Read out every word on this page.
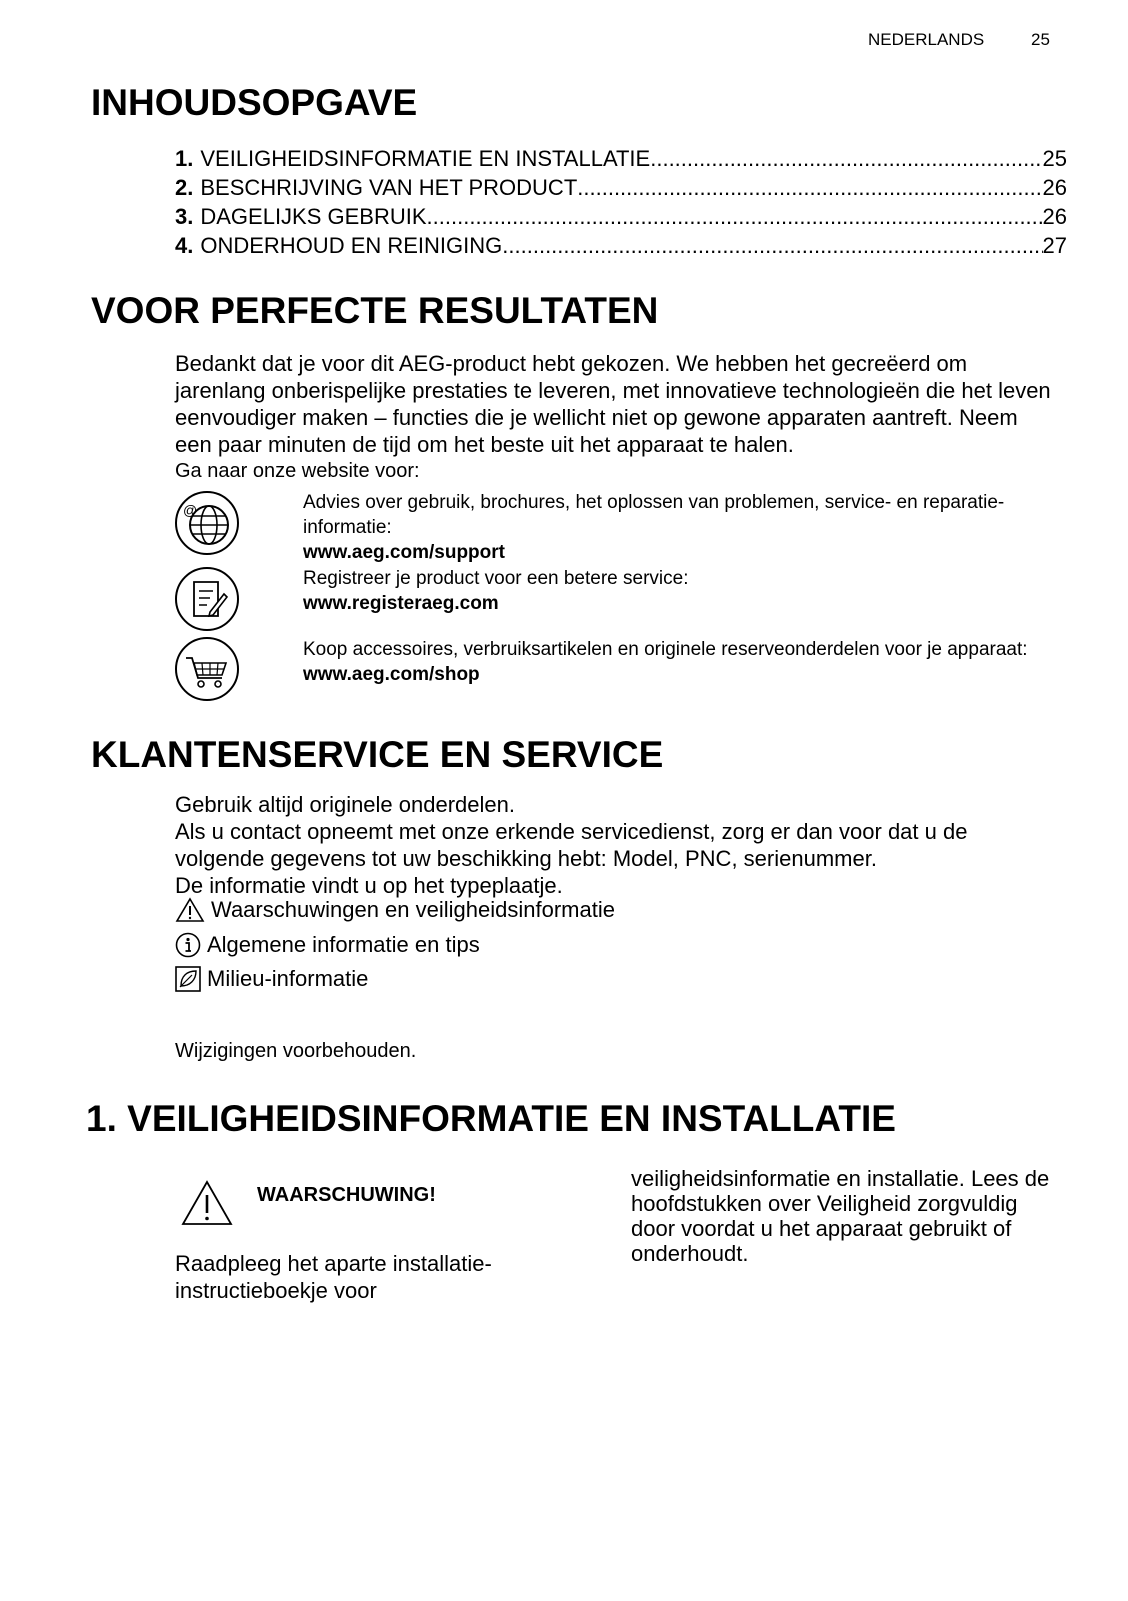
NEDERLANDS	25
INHOUDSOPGAVE
1. VEILIGHEIDSINFORMATIE EN INSTALLATIE .....	25
2. BESCHRIJVING VAN HET PRODUCT .....	26
3. DAGELIJKS GEBRUIK .....	26
4. ONDERHOUD EN REINIGING .....	27
VOOR PERFECTE RESULTATEN
Bedankt dat je voor dit AEG-product hebt gekozen. We hebben het gecreëerd om jarenlang onberispelijke prestaties te leveren, met innovatieve technologieën die het leven eenvoudiger maken – functies die je wellicht niet op gewone apparaten aantreft. Neem een paar minuten de tijd om het beste uit het apparaat te halen.
Ga naar onze website voor:
@	Advies over gebruik, brochures, het oplossen van problemen, service- en reparatie-informatie:
www.aeg.com/support
Registreer je product voor een betere service:
www.registeraeg.com
Koop accessoires, verbruiksartikelen en originele reserveonderdelen voor je apparaat:
www.aeg.com/shop
KLANTENSERVICE EN SERVICE
Gebruik altijd originele onderdelen.
Als u contact opneemt met onze erkende servicedienst, zorg er dan voor dat u de volgende gegevens tot uw beschikking hebt: Model, PNC, serienummer.
De informatie vindt u op het typeplaatje.
Waarschuwingen en veiligheidsinformatie
Algemene informatie en tips
Milieu-informatie
Wijzigingen voorbehouden.
1. VEILIGHEIDSINFORMATIE EN INSTALLATIE
WAARSCHUWING!
Raadpleeg het aparte installatie-instructieboekje voor
veiligheidsinformatie en installatie. Lees de hoofdstukken over Veiligheid zorgvuldig door voordat u het apparaat gebruikt of onderhoudt.
